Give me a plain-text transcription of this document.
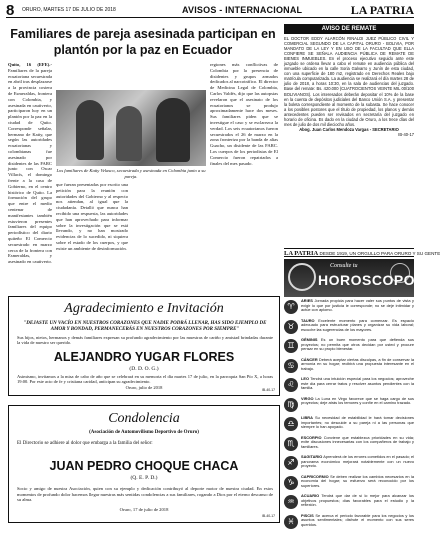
8 ORURO, MARTES 17 DE JULIO DE 2018	AVISOS - INTERNACIONAL	LA PATRIA
Familiares de pareja asesinada participan en plantón por la paz en Ecuador
Quito, 16 (EFE).- Familiares de la pareja ecuatoriana secuestrada en abril tras desplazarse a la provincia costera de Esmeraldas, frontera con Colombia, y asesinada en cautiverio, participaron hoy en un plantón por la paz en la ciudad de Quito. Corresponde señalar, hermano de Katty, que según las autoridades ecuatorianas y colombianas fue asesinado por disidentes de las FARC junto con Oscar Villacís, el domingo frente a la casa de Gobierno, en el centro histórico de Quito. La formación del grupo que entre el medio centenar de manifestantes también estuvieron presentes familiares del equipo periodístico del diario quiteño El Comercio secuestrado en marzo cerca de la frontera con Esmeraldas, y asesinado en cautiverio.
Los familiares de Katty Velasco, secuestrada y asesinada en Colombia junto a su pareja.
que fueran presentadas por escrito una petición para la reunión con autoridades del Gobierno y al respecto nos atiendan, al igual que la ciudadanía. Detalló que nunca han recibido una respuesta, las autoridades que han aprovechado para informar sobre la investigación que se está llevando, y no han mostrado evidencias de lo sucedido, ni siquiera sobre el estado de los cuerpos, y que existe un ambiente de desinformación.
regiones más conflictivas de Colombia por la presencia de disidentes y grupos armados dedicados al narcotráfico. El director de Medicina Legal de Colombia, Carlos Valdés, dijo que las autopsias revelaron que el asesinato de los ecuatorianos se produjo aproximadamente hace dos meses. Sus familiares piden que se investigue el caso y se esclarezca la verdad. Los seis ecuatorianos fueron secuestrados el 26 de marzo en la zona fronteriza por la banda de alias Guacho, un disidente de las FARC. Los cuerpos de los periodistas de El Comercio fueron repatriados a finales del mes pasado.
AVISO DE REMATE
EL DOCTOR EDDY ALARCÓN RINALDI JUEZ PÚBLICO CIVIL Y COMERCIAL SEGUNDO DE LA CAPITAL ORURO - BOLIVIA, POR MANDATO DE LA LEY Y EN USO DE LA FACULTAD QUE ELLA CONFIERE SE SEÑALA AUDIENCIA PÚBLICA DE REMATE DE BIENES INMUEBLES. En el proceso ejecutivo seguido ante este juzgado se ordena llevar a cabo el remate en audiencia pública del inmueble ubicado en la calle Soria Galvarro y Junín de esta ciudad, con una superficie de 180 m2, registrado en Derechos Reales bajo matrícula computarizada. La audiencia se realizará el día martes 28 de julio de 2018, a horas 10:30, en la sala de audiencias del juzgado. Base del remate: Bs. 420.000 (CUATROCIENTOS VEINTE MIL 00/100 BOLIVIANOS). Los interesados deberán depositar el 10% de la base en la cuenta de depósitos judiciales del Banco Unión S.A. y presentar la boleta correspondiente al momento de la subasta. Se hace conocer a los posibles postores que el título de propiedad, los planos y demás antecedentes pueden ser revisados en secretaría del juzgado en horario de oficina. Es dado en la ciudad de Oruro, a los trece días del mes de julio de dos mil dieciocho años.
Abog. Juan Carlos Mendoza Vargas - SECRETARIO
IB-40-17
LA PATRIA DESDE 1919, UN ORGULLO PARA ORURO Y SU GENTE
Consulte tu
HOROSCOPO
♈
ARIES Jornada propicia para hacer valer sus puntos de vista y exigir lo que por justicia le corresponde; no se deje intimidar y actúe con aplomo.
♉
TAURO Excelente momento para comenzar. Es espacio adecuado para estructurar planes y organizar su vida laboral; escuche las sugerencias de los mayores.
♊
GÉMINIS Es un buen momento para que defienda sus proyectos; no permita que otros decidan por usted y procure pensar en su propio bienestar.
♋
CÁNCER Deberá aceptar ciertas disculpas, a fin de conservar la armonía en su hogar; recibirá una propuesta interesante en el trabajo.
♌
LEO Tendrá una intuición especial para los negocios; aproveche este día para cerrar tratos y resolver asuntos pendientes con la familia.
♍
VIRGO La Luna en Virgo favorece que se haga cargo de sus proyectos; deje atrás los temores y confíe en el camino trazado.
♎
LIBRA Su necesidad de estabilidad le hará tomar decisiones importantes; no descuide a su pareja ni a las personas que siempre lo han apoyado.
♏
ESCORPIO Conviene que establezca prioridades en su vida; evite discusiones innecesarias con los compañeros de trabajo y familiares.
♐
SAGITARIO Aprenderá de los errores cometidos en el pasado; el panorama económico mejorará notablemente con un nuevo proyecto.
♑
CAPRICORNIO Se deben realizar los cambios necesarios en la economía del hogar; su esfuerzo será reconocido por los superiores.
♒
ACUARIO Tendrá que dar de sí lo mejor para alcanzar los objetivos propuestos; días favorables para el estudio y la reflexión.
♓
PISCIS Se acerca el periodo favorable para los negocios y los asuntos sentimentales; disfrute el momento con sus seres queridos.
Agradecimiento e Invitación
"DEJASTE UN VACÍO EN NUESTROS CORAZONES QUE NADIE PODRÁ LLENAR, HAS SIDO EJEMPLO DE AMOR Y BONDAD, PERMANECERÁS EN NUESTROS CORAZONES POR SIEMPRE"
Sus hijos, nietos, hermanos y demás familiares expresan su profundo agradecimiento por las muestras de cariño y amistad brindadas durante la vida de nuestro ser querido.
ALEJANDRO YUGAR FLORES
(D. D. O. G.)
Asimismo, invitamos a la misa de cabo de año que se celebrará en su memoria el día martes 17 de julio, en la parroquia San Pío X, a horas 19:00. Por este acto de fe y cristiana caridad, anticipan su agradecimiento.
Oruro, julio de 2018	IB-40-17
Condolencia
(Asociación de Automovilismo Deportivo de Oruro)
El Directorio se adhiere al dolor que embarga a la familia del señor:
JUAN PEDRO CHOQUE CHACA
(Q. E. P. D.)
Socio y amigo de nuestra Asociación, quien con su ejemplo y dedicación contribuyó al deporte motor de nuestra ciudad. En estos momentos de profundo dolor hacemos llegar nuestras más sentidas condolencias a sus familiares, rogando a Dios por el eterno descanso de su alma.
Oruro, 17 de julio de 2018
IB-40-17
